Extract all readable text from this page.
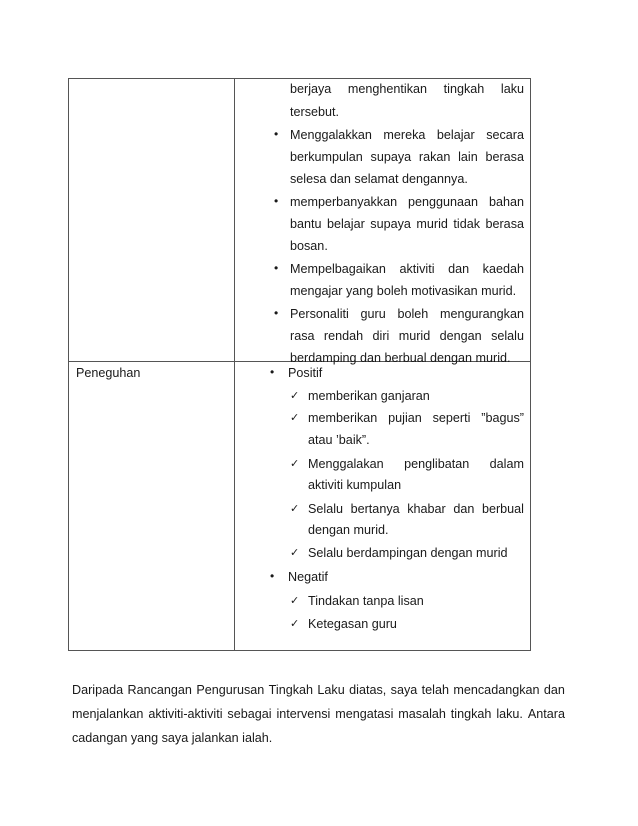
berjaya menghentikan tingkah laku
tersebut.
• Menggalakkan mereka belajar secara
berkumpulan supaya rakan lain berasa
selesa dan selamat dengannya.
• memperbanyakkan penggunaan bahan
bantu belajar supaya murid tidak berasa
bosan.
• Mempelbagaikan aktiviti dan kaedah
mengajar yang boleh motivasikan murid.
• Personaliti guru boleh mengurangkan
rasa rendah diri murid dengan selalu
berdamping dan berbual dengan murid.
Peneguhan	• Positif
✓ memberikan ganjaran
✓ memberikan pujian seperti ”bagus”
atau ’baik”.
✓ Menggalakan penglibatan dalam
aktiviti kumpulan
✓ Selalu bertanya khabar dan berbual
dengan murid.
✓ Selalu berdampingan dengan murid
• Negatif
✓ Tindakan tanpa lisan
✓ Ketegasan guru
Daripada Rancangan Pengurusan Tingkah Laku diatas, saya telah mencadangkan dan
menjalankan aktiviti-aktiviti sebagai intervensi mengatasi masalah tingkah laku. Antara
cadangan yang saya jalankan ialah.
